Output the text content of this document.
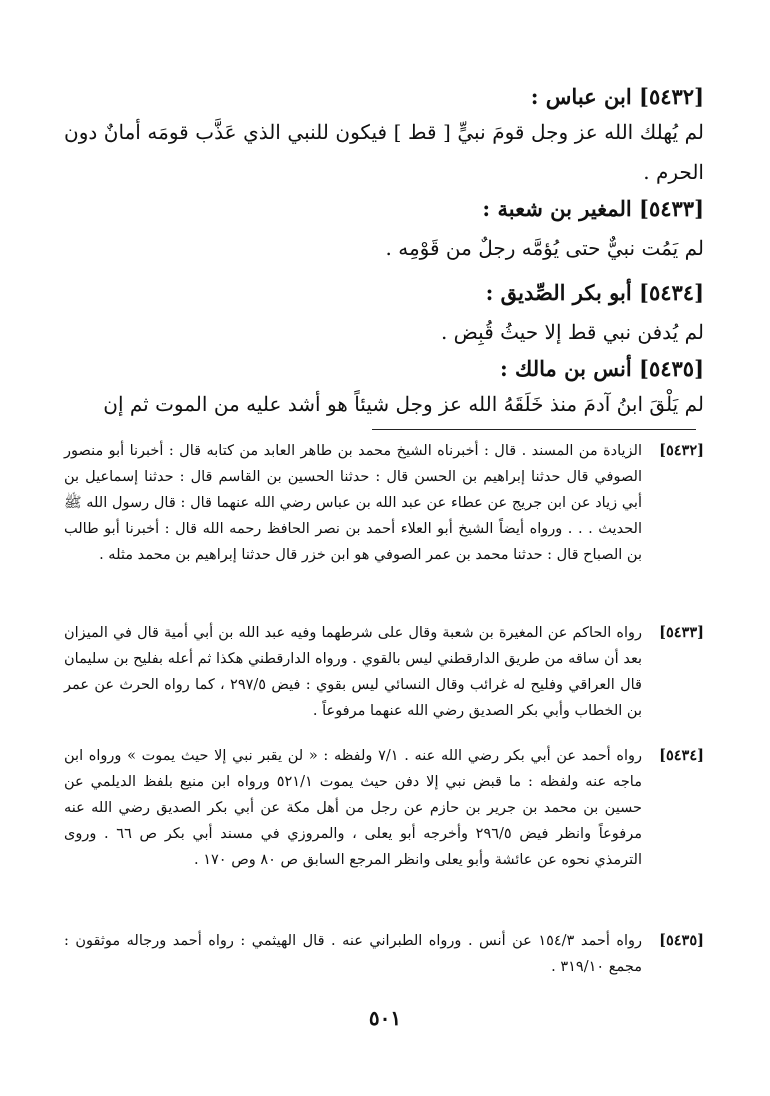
[٥٤٣٢] ابن عباس :
لم يُهلك الله عز وجل قومَ نبيٍّ [ قط ] فيكون للنبي الذي عَذَّب قومَه أمانٌ دون الحرم .
[٥٤٣٣] المغير بن شعبة :
لم يَمُت نبيٌّ حتى يُؤمَّه رجلٌ من قَوْمِه .
[٥٤٣٤] أبو بكر الصِّديق :
لم يُدفن نبي قط إلا حيثُ قُبِض .
[٥٤٣٥] أنس بن مالك :
لم يَلْقَ ابنُ آدمَ منذ خَلَقَهُ الله عز وجل شيئاً هو أشد عليه من الموت ثم إن
[٥٤٣٢]
الزيادة من المسند . قال : أخبرناه الشيخ محمد بن طاهر العابد من كتابه قال : أخبرنا أبو منصور الصوفي قال حدثنا إبراهيم بن الحسن قال : حدثنا الحسين بن القاسم قال : حدثنا إسماعيل بن أبي زياد عن ابن جريج عن عطاء عن عبد الله بن عباس رضي الله عنهما قال : قال رسول الله ﷺ الحديث . . . ورواه أيضاً الشيخ أبو العلاء أحمد بن نصر الحافظ رحمه الله قال : أخبرنا أبو طالب بن الصباح قال : حدثنا محمد بن عمر الصوفي هو ابن خزر قال حدثنا إبراهيم بن محمد مثله .
[٥٤٣٣]
رواه الحاكم عن المغيرة بن شعبة وقال على شرطهما وفيه عبد الله بن أبي أمية قال في الميزان بعد أن ساقه من طريق الدارقطني ليس بالقوي . ورواه الدارقطني هكذا ثم أعله بفليح بن سليمان قال العراقي وفليح له غرائب وقال النسائي ليس بقوي : فيض ٢٩٧/٥ ، كما رواه الحرث عن عمر بن الخطاب وأبي بكر الصديق رضي الله عنهما مرفوعاً .
[٥٤٣٤]
رواه أحمد عن أبي بكر رضي الله عنه . ٧/١ ولفظه : « لن يقبر نبي إلا حيث يموت » ورواه ابن ماجه عنه ولفظه : ما قبض نبي إلا دفن حيث يموت ٥٢١/١ ورواه ابن منيع بلفظ الديلمي عن حسين بن محمد بن جرير بن حازم عن رجل من أهل مكة عن أبي بكر الصديق رضي الله عنه مرفوعاً وانظر فيض ٢٩٦/٥ وأخرجه أبو يعلى ، والمروزي في مسند أبي بكر ص ٦٦ . وروى الترمذي نحوه عن عائشة وأبو يعلى وانظر المرجع السابق ص ٨٠ وص ١٧٠ .
[٥٤٣٥]
رواه أحمد ١٥٤/٣ عن أنس . ورواه الطبراني عنه . قال الهيثمي : رواه أحمد ورجاله موثقون : مجمع ٣١٩/١٠ .
٥٠١
